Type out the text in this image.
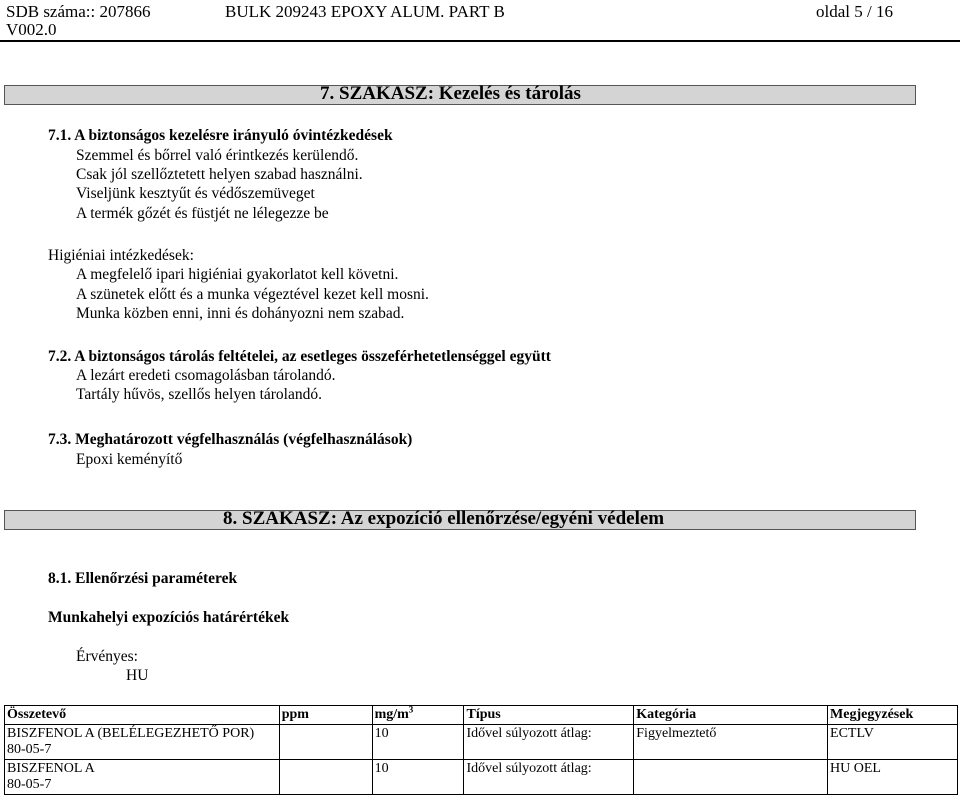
SDB száma:: 207866
V002.0
BULK 209243 EPOXY ALUM. PART B	oldal 5 / 16
7. SZAKASZ: Kezelés és tárolás
7.1. A biztonságos kezelésre irányuló óvintézkedések
Szemmel és bőrrel való érintkezés kerülendő.
Csak jól szellőztetett helyen szabad használni.
Viseljünk kesztyűt és védőszemüveget
A termék gőzét és füstjét ne lélegezze be
Higiéniai intézkedések:
A megfelelő ipari higiéniai gyakorlatot kell követni.
A szünetek előtt és a munka végeztével kezet kell mosni.
Munka közben enni, inni és dohányozni nem szabad.
7.2. A biztonságos tárolás feltételei, az esetleges összeférhetetlenséggel együtt
A lezárt eredeti csomagolásban tárolandó.
Tartály hűvös, szellős helyen tárolandó.
7.3. Meghatározott végfelhasználás (végfelhasználások)
Epoxi keményítő
8. SZAKASZ: Az expozíció ellenőrzése/egyéni védelem
8.1. Ellenőrzési paraméterek
Munkahelyi expozíciós határértékek
Érvényes:
HU
Összetevő	ppm	$mg/m^3$	Típus	Kategória	Megjegyzések

BISZFENOL A (BELÉLEGEZHETŐ POR)
80-05-7		10	Idővel súlyozott átlag:	Figyelmeztető	ECTLV

BISZFENOL A
80-05-7		10	Idővel súlyozott átlag:		HU OEL
